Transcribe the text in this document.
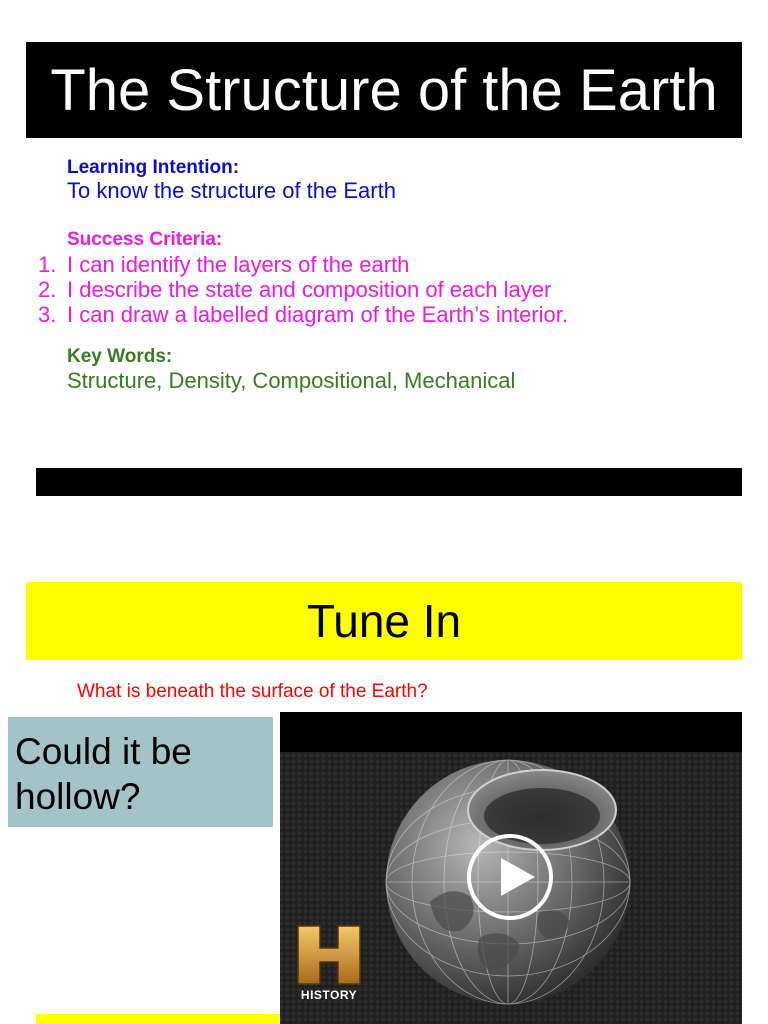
The Structure of the Earth
Learning Intention:
To know the structure of the Earth
Success Criteria:
1. I can identify the layers of the earth
2. I describe the state and composition of each layer
3. I can draw a labelled diagram of the Earth’s interior.
Key Words:
Structure, Density, Compositional, Mechanical
Tune In
What is beneath the surface of the Earth?
Could it be hollow?
HISTORY
